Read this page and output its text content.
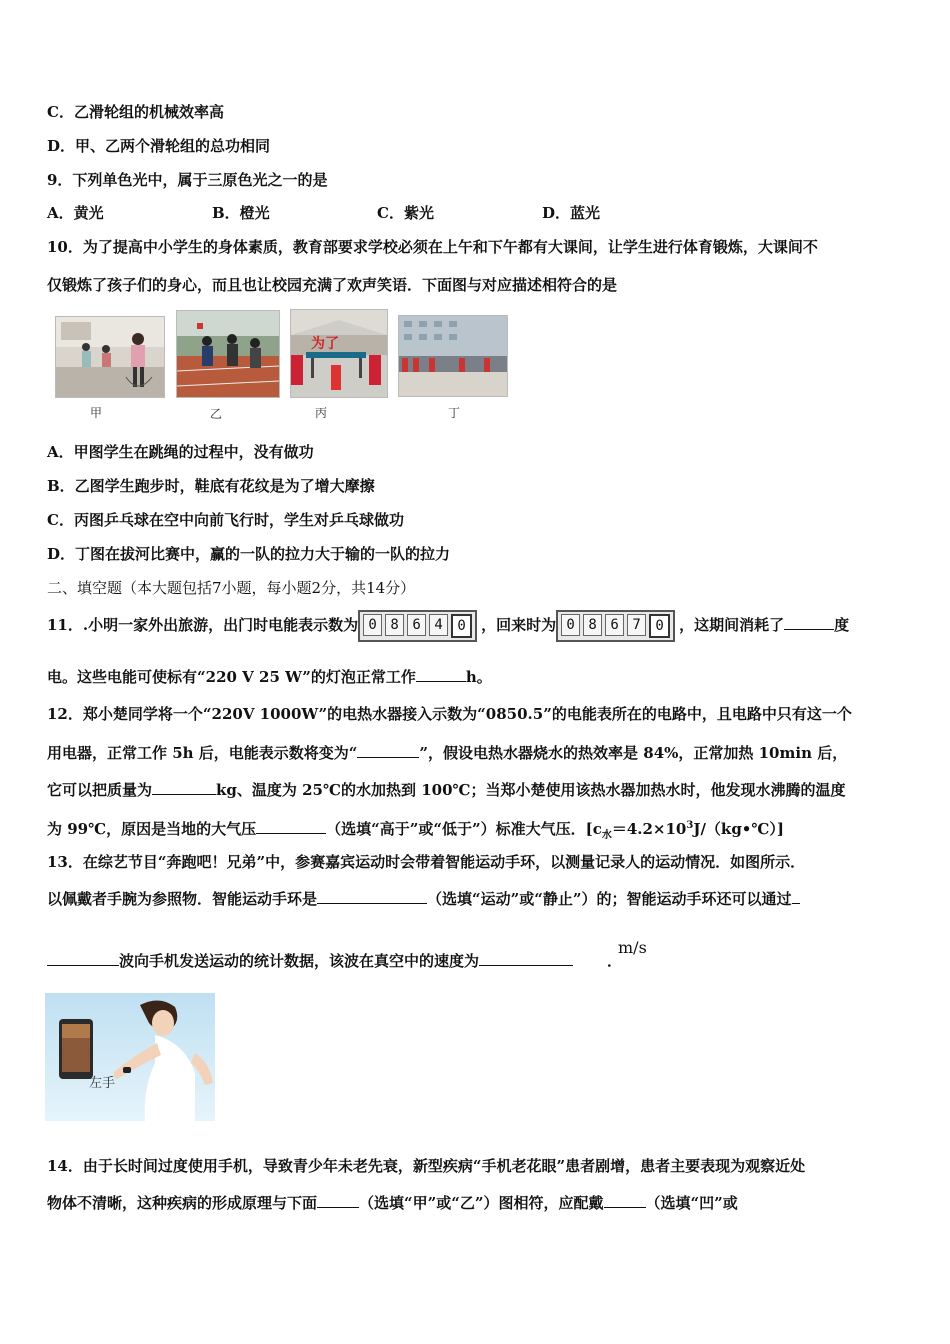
C．乙滑轮组的机械效率高
D．甲、乙两个滑轮组的总功相同
9．下列单色光中，属于三原色光之一的是
A．黄光	B．橙光	C．紫光	D．蓝光
10．为了提高中小学生的身体素质，教育部要求学校必须在上午和下午都有大课间，让学生进行体育锻炼，大课间不
仅锻炼了孩子们的身心，而且也让校园充满了欢声笑语．下面图与对应描述相符合的是
为了
甲	乙	丙	丁
A．甲图学生在跳绳的过程中，没有做功
B．乙图学生跑步时，鞋底有花纹是为了增大摩擦
C．丙图乒乓球在空中向前飞行时，学生对乒乓球做功
D．丁图在拔河比赛中，赢的一队的拉力大于输的一队的拉力
二、填空题（本大题包括7小题，每小题2分，共14分）
11．.小明一家外出旅游，出门时电能表示数为 0 8 6 4	0	，回来时为 0 8 6 7	0	，这期间消耗了	度
电。这些电能可使标有“220 V 25 W”的灯泡正常工作	h。
12．郑小楚同学将一个“220V 1000W”的电热水器接入示数为“0850.5”的电能表所在的电路中，且电路中只有这一个
用电器，正常工作 5h 后，电能表示数将变为“	”，假设电热水器烧水的热效率是 84%，正常加热 10min 后，
它可以把质量为	kg、温度为 25℃的水加热到 100℃；当郑小楚使用该热水器加热水时，他发现水沸腾的温度
为 99℃，原因是当地的大气压	（选填“高于”或“低于”）标准大气压．$[c_水=4.2\times 10^3J/(kg•℃)]$
13．在综艺节目“奔跑吧！兄弟”中，参赛嘉宾运动时会带着智能运动手环，以测量记录人的运动情况．如图所示．
以佩戴者手腕为参照物．智能运动手环是	（选填“运动”或“静止”）的；智能运动手环还可以通过
波向手机发送运动的统计数据，该波在真空中的速度为	．
m/s
左手
14．由于长时间过度使用手机，导致青少年未老先衰，新型疾病“手机老花眼”患者剧增，患者主要表现为观察近处
物体不清晰，这种疾病的形成原理与下面	（选填“甲”或“乙”）图相符，应配戴	（选填“凹”或
